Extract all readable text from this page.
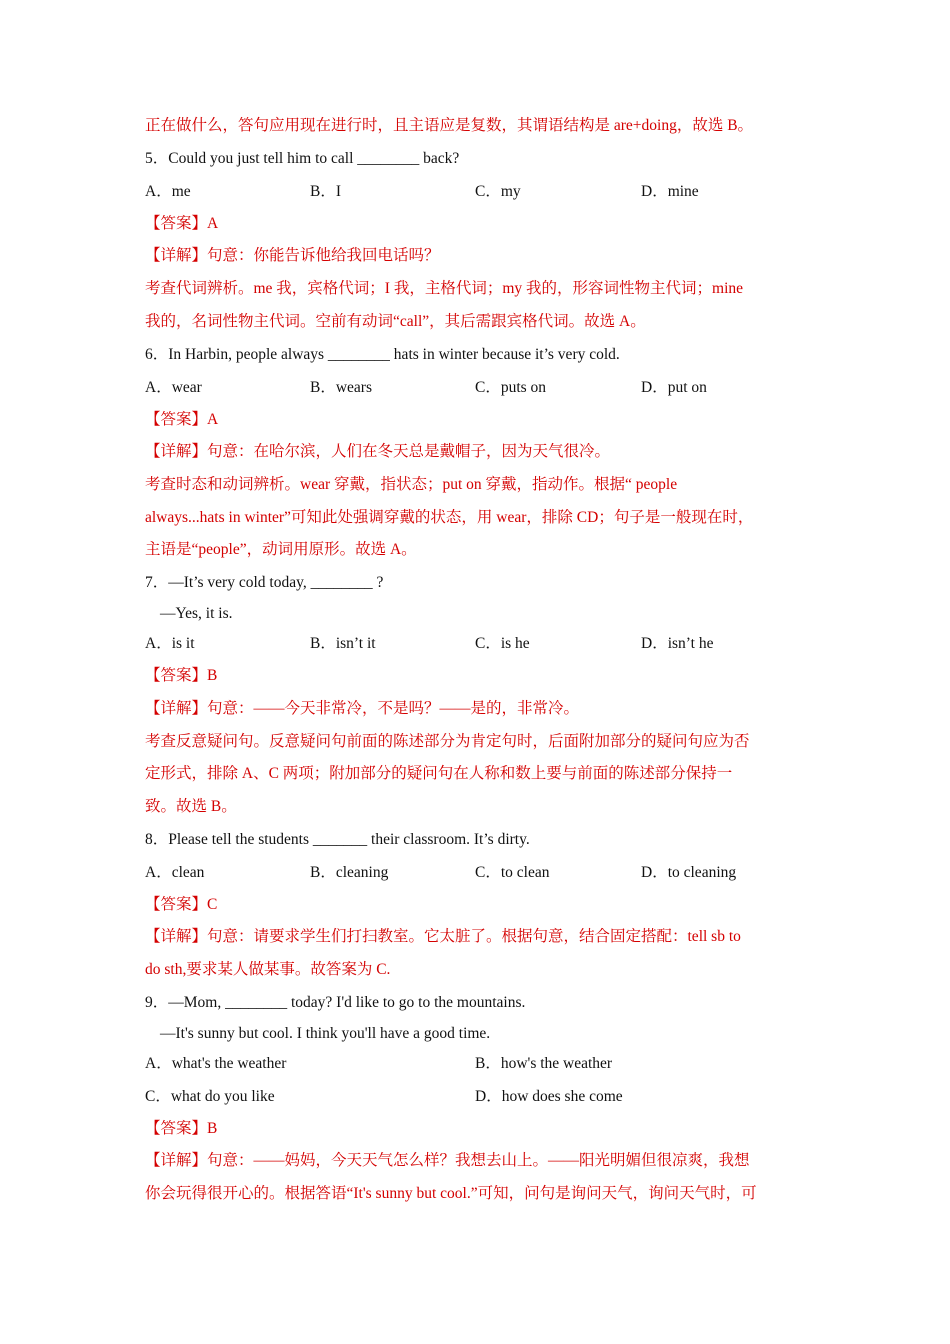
正在做什么，答句应用现在进行时，且主语应是复数，其谓语结构是 are+doing，故选 B。
5．Could you just tell him to call ________ back?
A．me	B．I	C．my	D．mine
【答案】A
【详解】句意：你能告诉他给我回电话吗？
考查代词辨析。me 我，宾格代词；I 我，主格代词；my 我的，形容词性物主代词；mine
我的，名词性物主代词。空前有动词“call”，其后需跟宾格代词。故选 A。
6．In Harbin, people always ________ hats in winter because it’s very cold.
A．wear	B．wears	C．puts on	D．put on
【答案】A
【详解】句意：在哈尔滨，人们在冬天总是戴帽子，因为天气很冷。
考查时态和动词辨析。wear 穿戴，指状态；put on 穿戴，指动作。根据“ people
always...hats in winter”可知此处强调穿戴的状态，用 wear，排除 CD；句子是一般现在时，
主语是“people”，动词用原形。故选 A。
7．—It’s very cold today, ________ ?
—Yes, it is.
A．is it	B．isn’t it	C．is he	D．isn’t he
【答案】B
【详解】句意：——今天非常冷，不是吗？——是的，非常冷。
考查反意疑问句。反意疑问句前面的陈述部分为肯定句时，后面附加部分的疑问句应为否
定形式，排除 A、C 两项；附加部分的疑问句在人称和数上要与前面的陈述部分保持一
致。故选 B。
8．Please tell the students _______ their classroom. It’s dirty.
A．clean	B．cleaning	C．to clean	D．to cleaning
【答案】C
【详解】句意：请要求学生们打扫教室。它太脏了。根据句意，结合固定搭配：tell sb to
do sth,要求某人做某事。故答案为 C.
9．—Mom, ________ today? I'd like to go to the mountains.
—It's sunny but cool. I think you'll have a good time.
A．what's the weather	B．how's the weather
C．what do you like	D．how does she come
【答案】B
【详解】句意：——妈妈，今天天气怎么样？我想去山上。——阳光明媚但很凉爽，我想
你会玩得很开心的。根据答语“It's sunny but cool.”可知，问句是询问天气，询问天气时，可
